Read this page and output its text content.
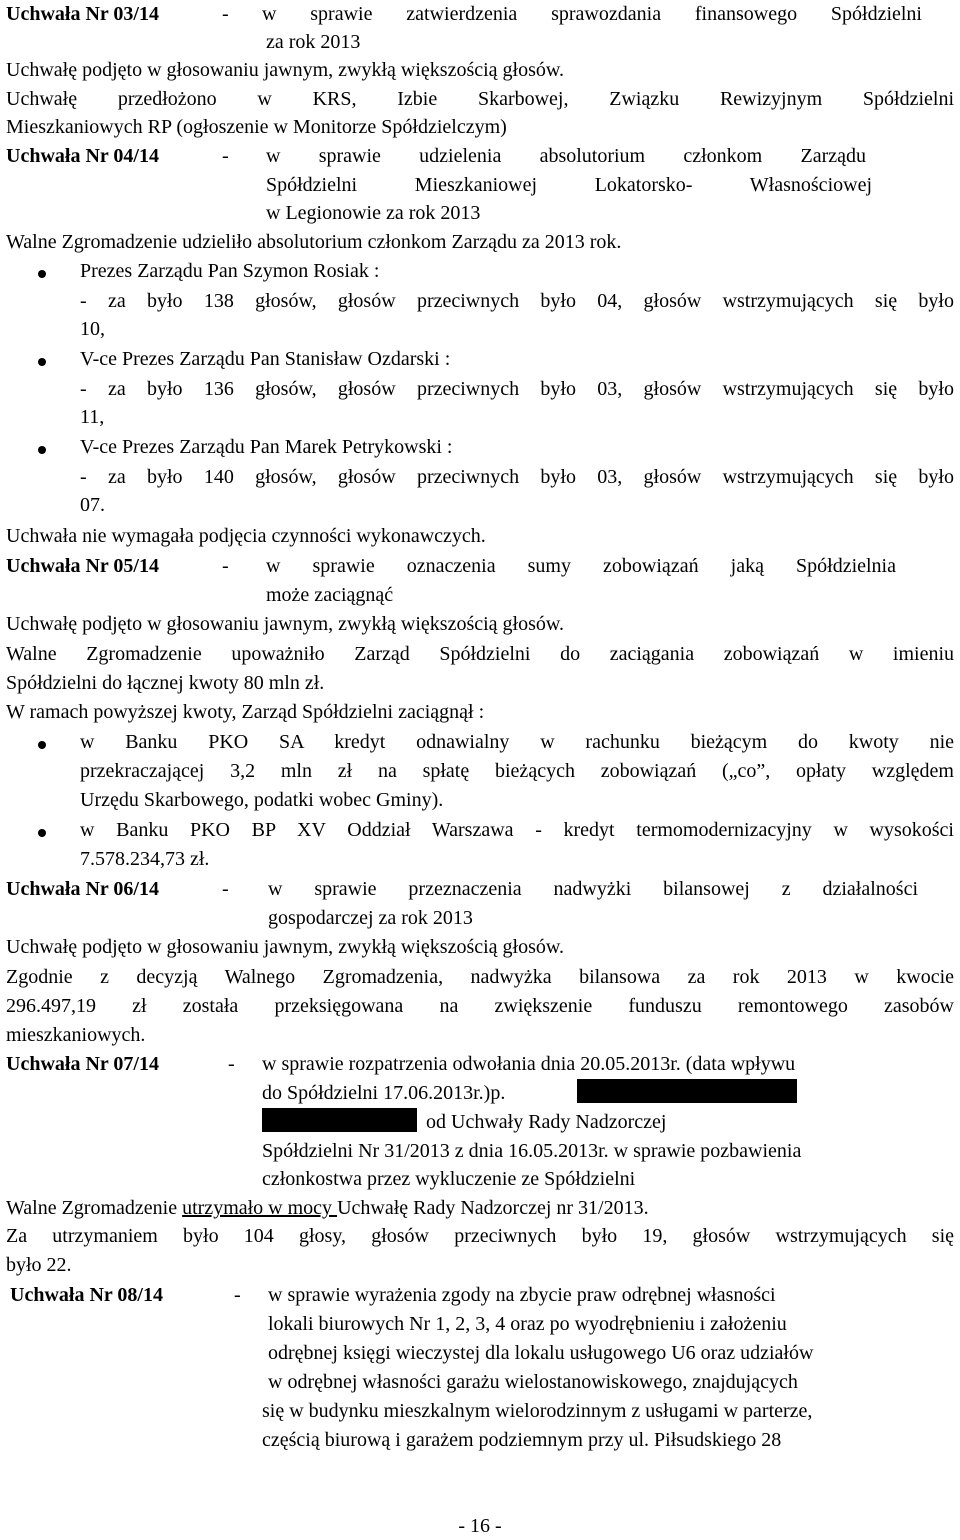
Uchwała Nr 03/14	- w sprawie zatwierdzenia sprawozdania finansowego Spółdzielni
za rok 2013
Uchwałę podjęto w głosowaniu jawnym, zwykłą większością głosów.
Uchwałę przedłożono w KRS, Izbie Skarbowej, Związku Rewizyjnym Spółdzielni
Mieszkaniowych RP (ogłoszenie w Monitorze Spółdzielczym)
Uchwała Nr 04/14	- w sprawie udzielenia absolutorium członkom Zarządu
Spółdzielni Mieszkaniowej Lokatorsko- Własnościowej
w Legionowie za rok 2013
Walne Zgromadzenie udzieliło absolutorium członkom Zarządu za 2013 rok.
Prezes Zarządu Pan Szymon Rosiak :
- za było 138 głosów, głosów przeciwnych było 04, głosów wstrzymujących się było
10,
V-ce Prezes Zarządu Pan Stanisław Ozdarski :
- za było 136 głosów, głosów przeciwnych było 03, głosów wstrzymujących się było
11,
V-ce Prezes Zarządu Pan Marek Petrykowski :
- za było 140 głosów, głosów przeciwnych było 03, głosów wstrzymujących się było
07.
Uchwała nie wymagała podjęcia czynności wykonawczych.
Uchwała Nr 05/14	- w sprawie oznaczenia sumy zobowiązań jaką Spółdzielnia
może zaciągnąć
Uchwałę podjęto w głosowaniu jawnym, zwykłą większością głosów.
Walne Zgromadzenie upoważniło Zarząd Spółdzielni do zaciągania zobowiązań w imieniu
Spółdzielni do łącznej kwoty 80 mln zł.
W ramach powyższej kwoty, Zarząd Spółdzielni zaciągnął :
w Banku PKO SA kredyt odnawialny w rachunku bieżącym do kwoty nie
przekraczającej 3,2 mln zł na spłatę bieżących zobowiązań („co”, opłaty względem
Urzędu Skarbowego, podatki wobec Gminy).
w Banku PKO BP XV Oddział Warszawa - kredyt termomodernizacyjny w wysokości
7.578.234,73 zł.
Uchwała Nr 06/14	- w sprawie przeznaczenia nadwyżki bilansowej z działalności
gospodarczej za rok 2013
Uchwałę podjęto w głosowaniu jawnym, zwykłą większością głosów.
Zgodnie z decyzją Walnego Zgromadzenia, nadwyżka bilansowa za rok 2013 w kwocie
296.497,19 zł została przeksięgowana na zwiększenie funduszu remontowego zasobów
mieszkaniowych.
Uchwała Nr 07/14	- w sprawie rozpatrzenia odwołania dnia 20.05.2013r. (data wpływu
do Spółdzielni 17.06.2013r.)p.
od Uchwały Rady Nadzorczej
Spółdzielni Nr 31/2013 z dnia 16.05.2013r. w sprawie pozbawienia
członkostwa przez wykluczenie ze Spółdzielni
Walne Zgromadzenie utrzymało w mocy Uchwałę Rady Nadzorczej nr 31/2013.
Za utrzymaniem było 104 głosy, głosów przeciwnych było 19, głosów wstrzymujących się
było 22.
Uchwała Nr 08/14	- w sprawie wyrażenia zgody na zbycie praw odrębnej własności
lokali biurowych Nr 1, 2, 3, 4 oraz po wyodrębnieniu i założeniu
odrębnej księgi wieczystej dla lokalu usługowego U6 oraz udziałów
w odrębnej własności garażu wielostanowiskowego, znajdujących
się w budynku mieszkalnym wielorodzinnym z usługami w parterze,
częścią biurową i garażem podziemnym przy ul. Piłsudskiego 28
- 16 -
